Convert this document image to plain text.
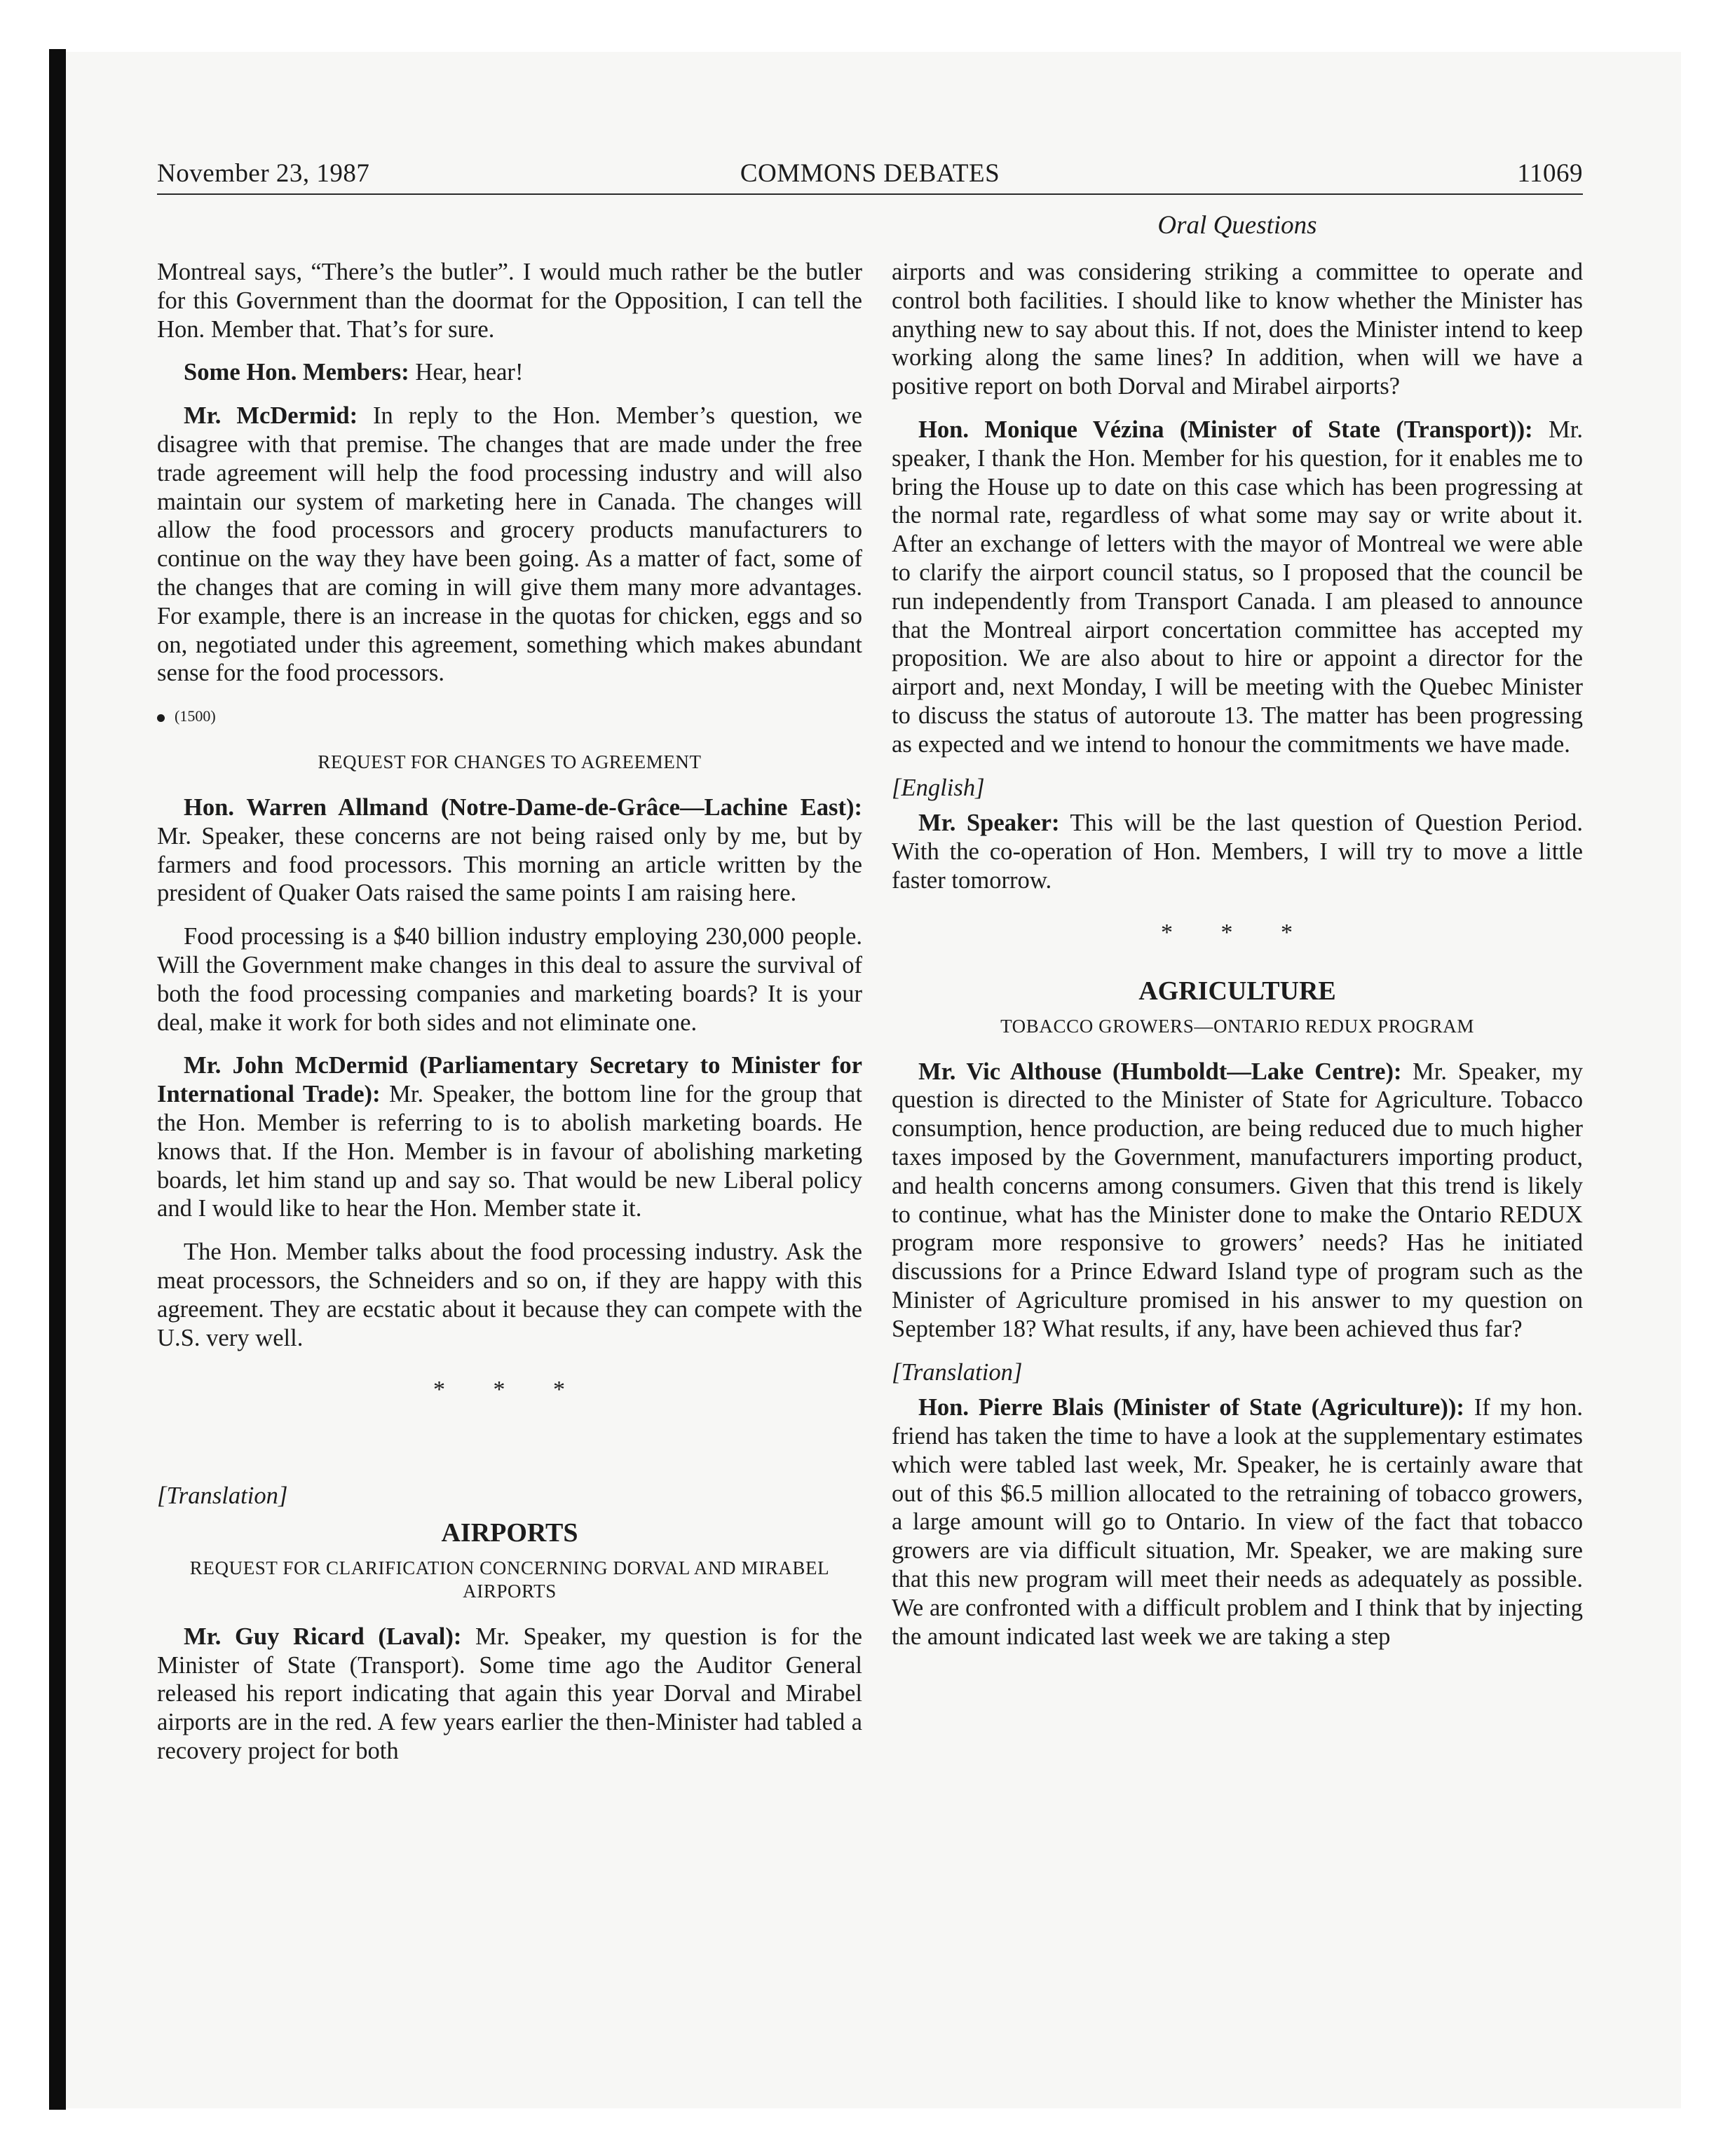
November 23, 1987	COMMONS DEBATES	11069
Oral Questions

Montreal says, “There’s the butler”. I would much rather be the butler for this Government than the doormat for the Opposition, I can tell the Hon. Member that. That’s for sure.

Some Hon. Members: Hear, hear!

Mr. McDermid: In reply to the Hon. Member’s question, we disagree with that premise. The changes that are made under the free trade agreement will help the food processing industry and will also maintain our system of marketing here in Canada. The changes will allow the food processors and grocery products manufacturers to continue on the way they have been going. As a matter of fact, some of the changes that are coming in will give them many more advantages. For example, there is an increase in the quotas for chicken, eggs and so on, negotiated under this agreement, something which makes abundant sense for the food processors.

(1500)
REQUEST FOR CHANGES TO AGREEMENT

Hon. Warren Allmand (Notre-Dame-de-Grâce—Lachine East): Mr. Speaker, these concerns are not being raised only by me, but by farmers and food processors. This morning an article written by the president of Quaker Oats raised the same points I am raising here.

Food processing is a $40 billion industry employing 230,000 people. Will the Government make changes in this deal to assure the survival of both the food processing companies and marketing boards? It is your deal, make it work for both sides and not eliminate one.

Mr. John McDermid (Parliamentary Secretary to Minister for International Trade): Mr. Speaker, the bottom line for the group that the Hon. Member is referring to is to abolish marketing boards. He knows that. If the Hon. Member is in favour of abolishing marketing boards, let him stand up and say so. That would be new Liberal policy and I would like to hear the Hon. Member state it.

The Hon. Member talks about the food processing industry. Ask the meat processors, the Schneiders and so on, if they are happy with this agreement. They are ecstatic about it because they can compete with the U.S. very well.

* * *
[Translation]
AIRPORTS
REQUEST FOR CLARIFICATION CONCERNING DORVAL AND MIRABEL AIRPORTS

Mr. Guy Ricard (Laval): Mr. Speaker, my question is for the Minister of State (Transport). Some time ago the Auditor General released his report indicating that again this year Dorval and Mirabel airports are in the red. A few years earlier the then-Minister had tabled a recovery project for both

airports and was considering striking a committee to operate and control both facilities. I should like to know whether the Minister has anything new to say about this. If not, does the Minister intend to keep working along the same lines? In addition, when will we have a positive report on both Dorval and Mirabel airports?

Hon. Monique Vézina (Minister of State (Transport)): Mr. speaker, I thank the Hon. Member for his question, for it enables me to bring the House up to date on this case which has been progressing at the normal rate, regardless of what some may say or write about it. After an exchange of letters with the mayor of Montreal we were able to clarify the airport council status, so I proposed that the council be run independently from Transport Canada. I am pleased to announce that the Montreal airport concertation committee has accepted my proposition. We are also about to hire or appoint a director for the airport and, next Monday, I will be meeting with the Quebec Minister to discuss the status of autoroute 13. The matter has been progressing as expected and we intend to honour the commitments we have made.

[English]

Mr. Speaker: This will be the last question of Question Period. With the co-operation of Hon. Members, I will try to move a little faster tomorrow.

* * *
AGRICULTURE
TOBACCO GROWERS—ONTARIO REDUX PROGRAM

Mr. Vic Althouse (Humboldt—Lake Centre): Mr. Speaker, my question is directed to the Minister of State for Agriculture. Tobacco consumption, hence production, are being reduced due to much higher taxes imposed by the Government, manufacturers importing product, and health concerns among consumers. Given that this trend is likely to continue, what has the Minister done to make the Ontario REDUX program more responsive to growers’ needs? Has he initiated discussions for a Prince Edward Island type of program such as the Minister of Agriculture promised in his answer to my question on September 18? What results, if any, have been achieved thus far?

[Translation]

Hon. Pierre Blais (Minister of State (Agriculture)): If my hon. friend has taken the time to have a look at the supplementary estimates which were tabled last week, Mr. Speaker, he is certainly aware that out of this $6.5 million allocated to the retraining of tobacco growers, a large amount will go to Ontario. In view of the fact that tobacco growers are via difficult situation, Mr. Speaker, we are making sure that this new program will meet their needs as adequately as possible. We are confronted with a difficult problem and I think that by injecting the amount indicated last week we are taking a step
